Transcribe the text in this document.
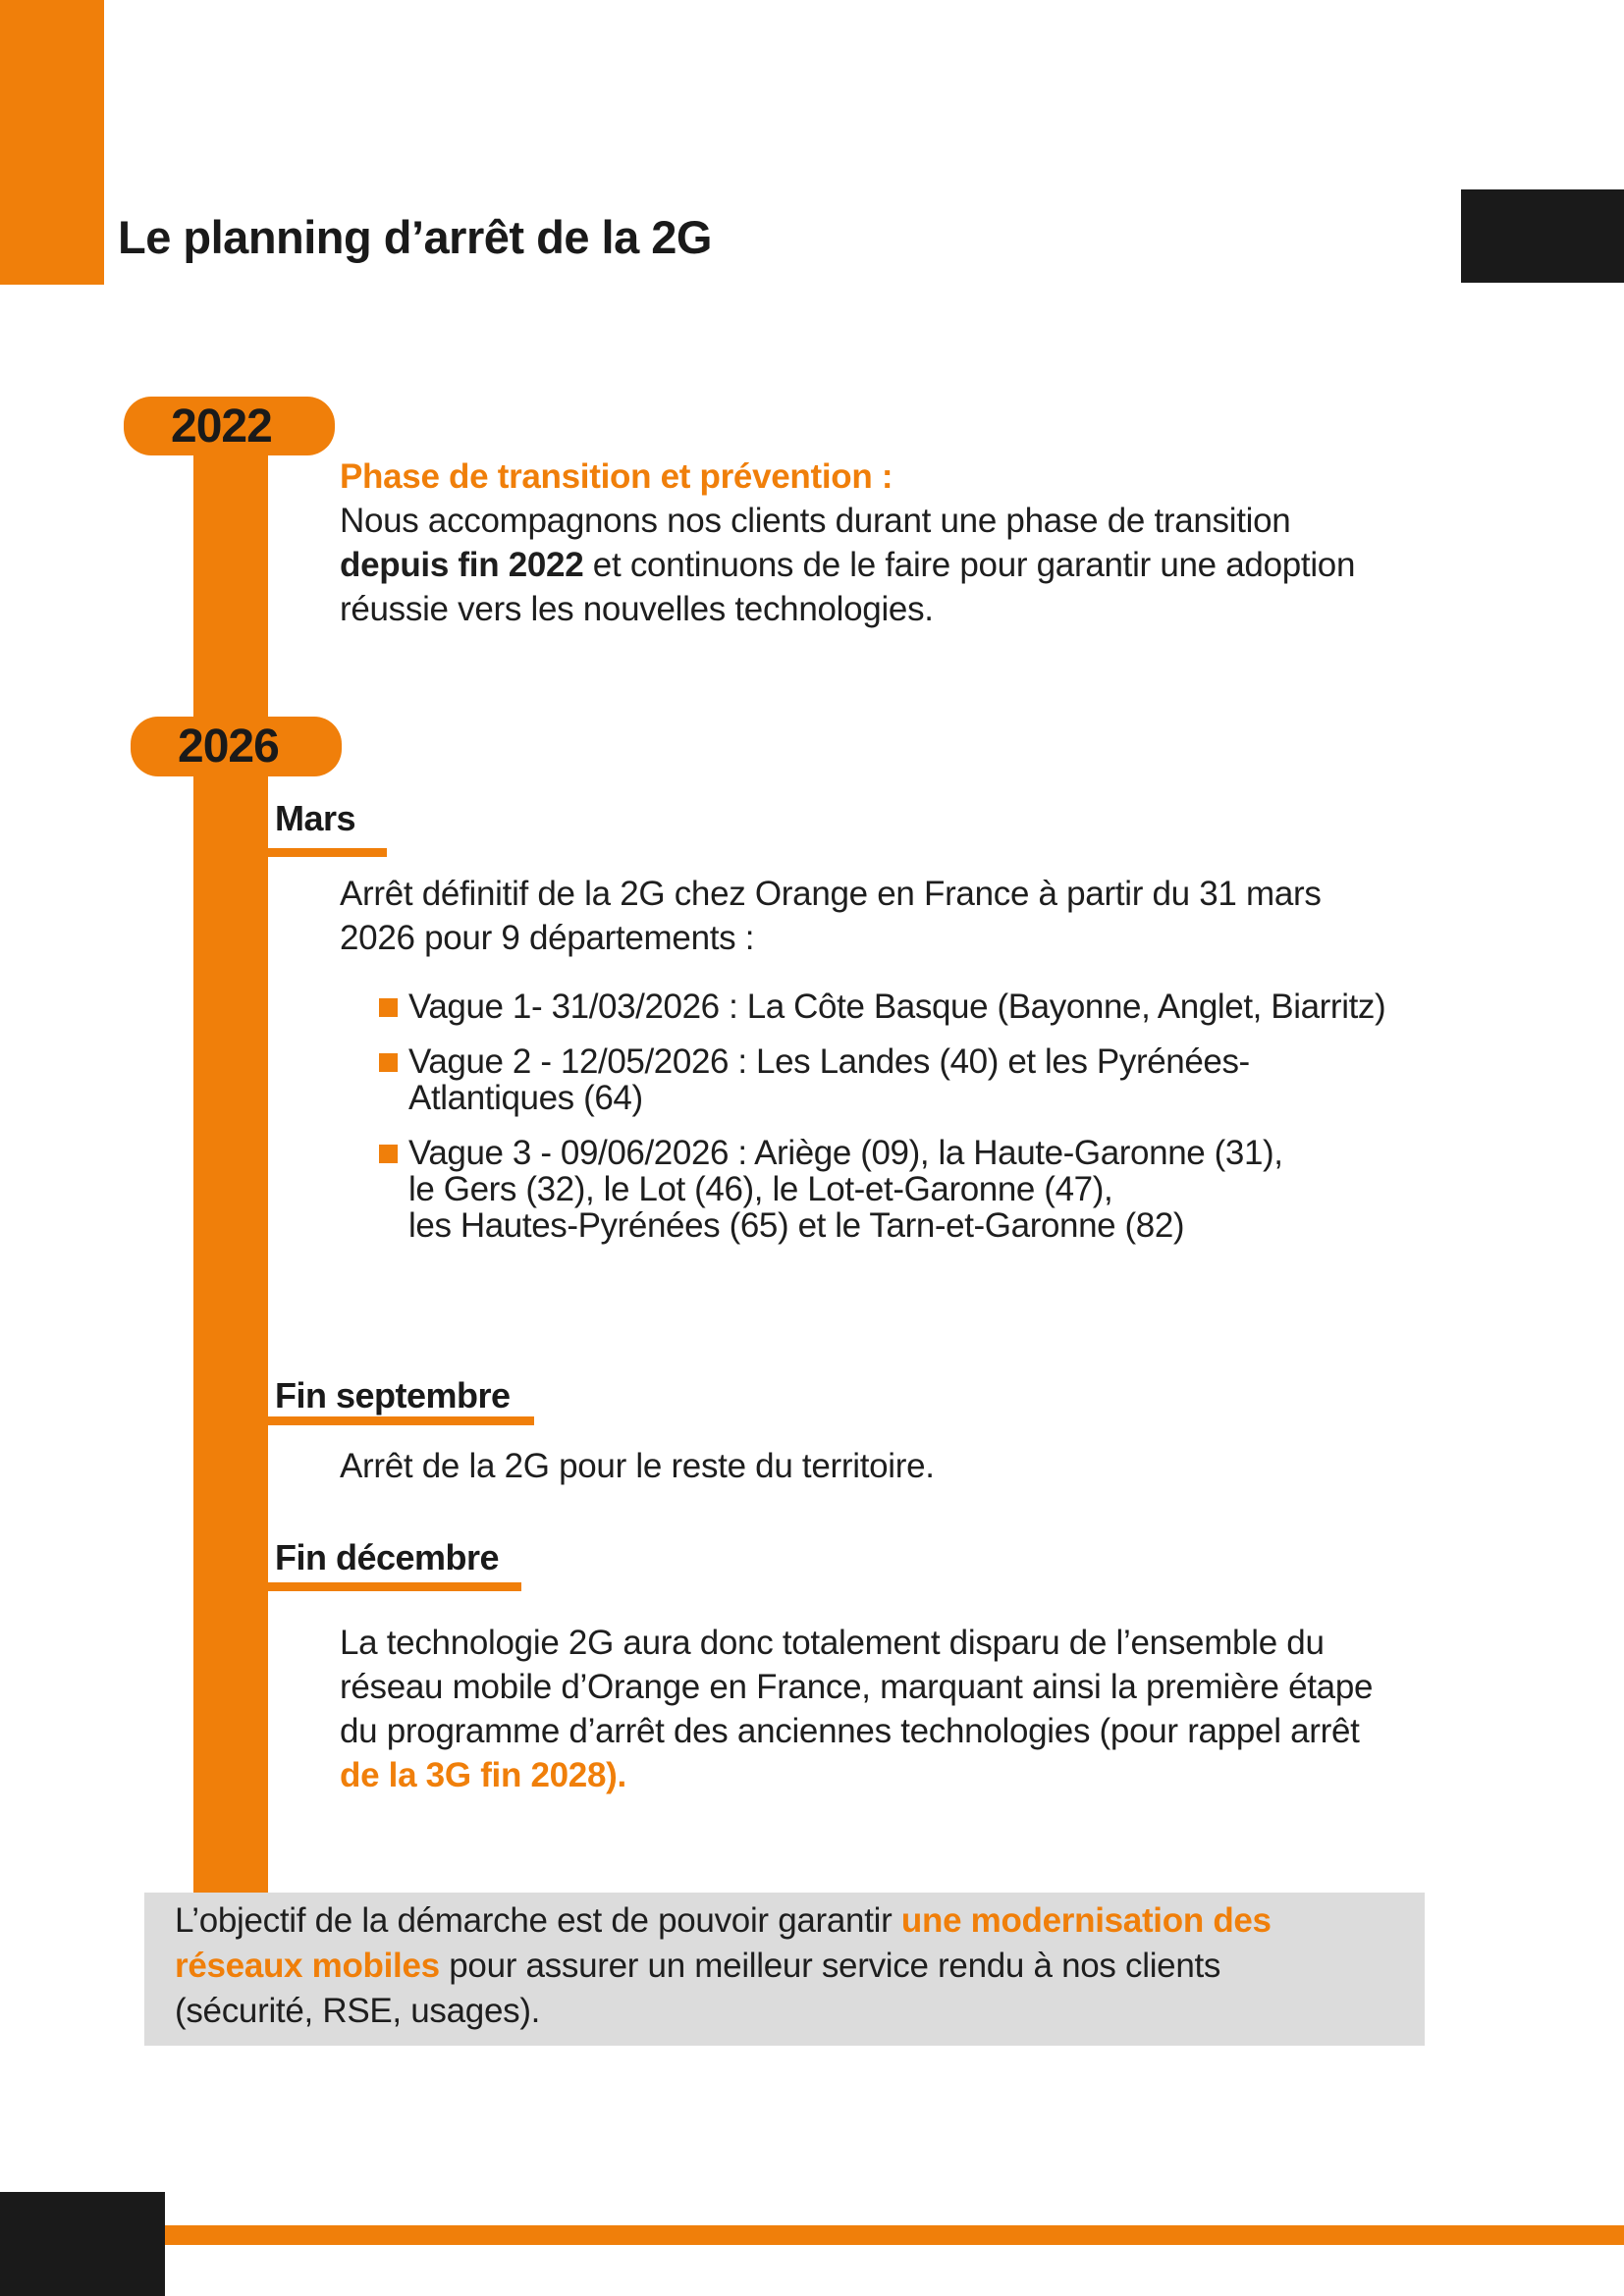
Le planning d’arrêt de la 2G
2022
Phase de transition et prévention :
Nous accompagnons nos clients durant une phase de transition
depuis fin 2022 et continuons de le faire pour garantir une adoption
réussie vers les nouvelles technologies.
2026
Mars
Arrêt définitif de la 2G chez Orange en France à partir du 31 mars
2026 pour 9 départements :
Vague 1- 31/03/2026 : La Côte Basque (Bayonne, Anglet, Biarritz)
Vague 2 - 12/05/2026 : Les Landes (40) et les Pyrénées-
Atlantiques (64)
Vague 3 - 09/06/2026 : Ariège (09), la Haute-Garonne (31),
le Gers (32), le Lot (46), le Lot-et-Garonne (47),
les Hautes-Pyrénées (65) et le Tarn-et-Garonne (82)
Fin septembre
Arrêt de la 2G pour le reste du territoire.
Fin décembre
La technologie 2G aura donc totalement disparu de l’ensemble du
réseau mobile d’Orange en France, marquant ainsi la première étape
du programme d’arrêt des anciennes technologies (pour rappel arrêt
de la 3G fin 2028).
L’objectif de la démarche est de pouvoir garantir une modernisation des
réseaux mobiles pour assurer un meilleur service rendu à nos clients
(sécurité, RSE, usages).
